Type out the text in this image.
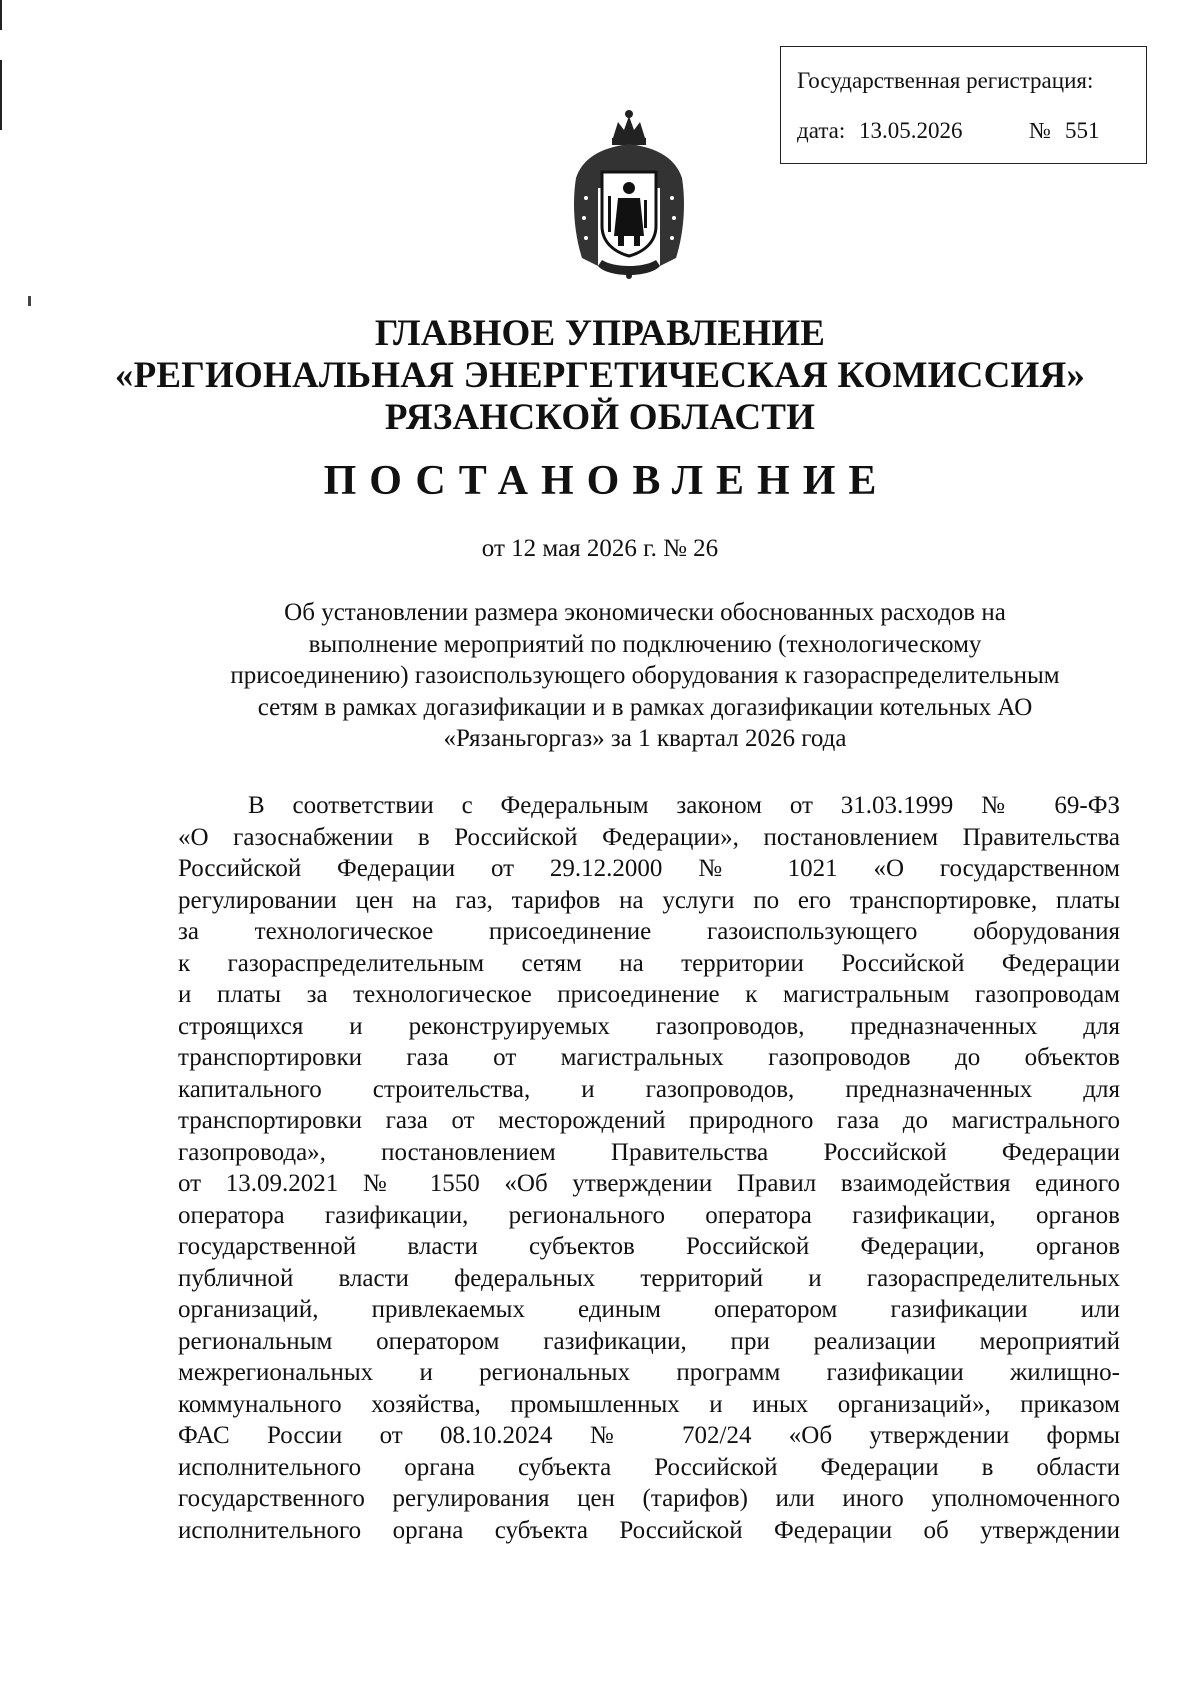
Государственная регистрация:
дата: 13.05.2026	№ 551
ГЛАВНОЕ УПРАВЛЕНИЕ
«РЕГИОНАЛЬНАЯ ЭНЕРГЕТИЧЕСКАЯ КОМИССИЯ»
РЯЗАНСКОЙ ОБЛАСТИ
ПОСТАНОВЛЕНИЕ
от 12 мая 2026 г. № 26
Об установлении размера экономически обоснованных расходов на
выполнение мероприятий по подключению (технологическому
присоединению) газоиспользующего оборудования к газораспределительным
сетям в рамках догазификации и в рамках догазификации котельных АО
«Рязаньгоргаз» за 1 квартал 2026 года
В соответствии с Федеральным законом от 31.03.1999 № 69-ФЗ
«О газоснабжении в Российской Федерации», постановлением Правительства
Российской Федерации от 29.12.2000 № 1021 «О государственном
регулировании цен на газ, тарифов на услуги по его транспортировке, платы
за технологическое присоединение газоиспользующего оборудования
к газораспределительным сетям на территории Российской Федерации
и платы за технологическое присоединение к магистральным газопроводам
строящихся и реконструируемых газопроводов, предназначенных для
транспортировки газа от магистральных газопроводов до объектов
капитального строительства, и газопроводов, предназначенных для
транспортировки газа от месторождений природного газа до магистрального
газопровода», постановлением Правительства Российской Федерации
от 13.09.2021 № 1550 «Об утверждении Правил взаимодействия единого
оператора газификации, регионального оператора газификации, органов
государственной власти субъектов Российской Федерации, органов
публичной власти федеральных территорий и газораспределительных
организаций, привлекаемых единым оператором газификации или
региональным оператором газификации, при реализации мероприятий
межрегиональных и региональных программ газификации жилищно-
коммунального хозяйства, промышленных и иных организаций», приказом
ФАС России от 08.10.2024 № 702/24 «Об утверждении формы
исполнительного органа субъекта Российской Федерации в области
государственного регулирования цен (тарифов) или иного уполномоченного
исполнительного органа субъекта Российской Федерации об утверждении
